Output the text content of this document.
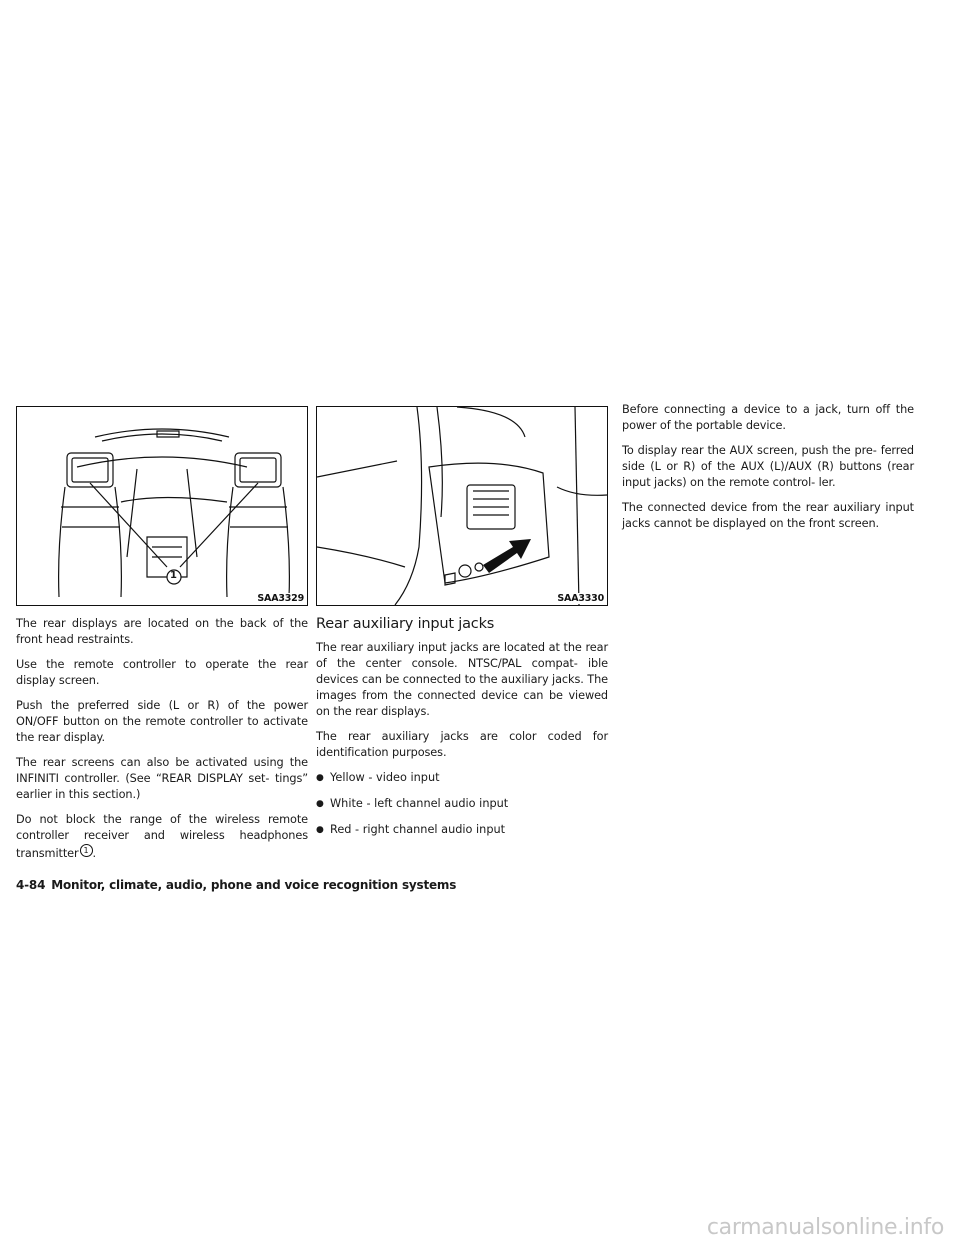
1
SAA3329

The rear displays are located on the back of the front head restraints.

Use the remote controller to operate the rear display screen.

Push the preferred side (L or R) of the power ON/OFF button on the remote controller to activate the rear display.

The rear screens can also be activated using the INFINITI controller. (See “REAR DISPLAY set- tings” earlier in this section.)

Do not block the range of the wireless remote controller receiver and wireless headphones transmitter 1 .

SAA3330
Rear auxiliary input jacks

The rear auxiliary input jacks are located at the rear of the center console. NTSC/PAL compat- ible devices can be connected to the auxiliary jacks. The images from the connected device can be viewed on the rear displays.

The rear auxiliary jacks are color coded for identification purposes.

● Yellow - video input
● White - left channel audio input
● Red - right channel audio input

Before connecting a device to a jack, turn off the power of the portable device.

To display rear the AUX screen, push the pre- ferred side (L or R) of the AUX (L)/AUX (R) buttons (rear input jacks) on the remote control- ler.

The connected device from the rear auxiliary input jacks cannot be displayed on the front screen.

4-84 Monitor, climate, audio, phone and voice recognition systems
carmanualsonline.info
